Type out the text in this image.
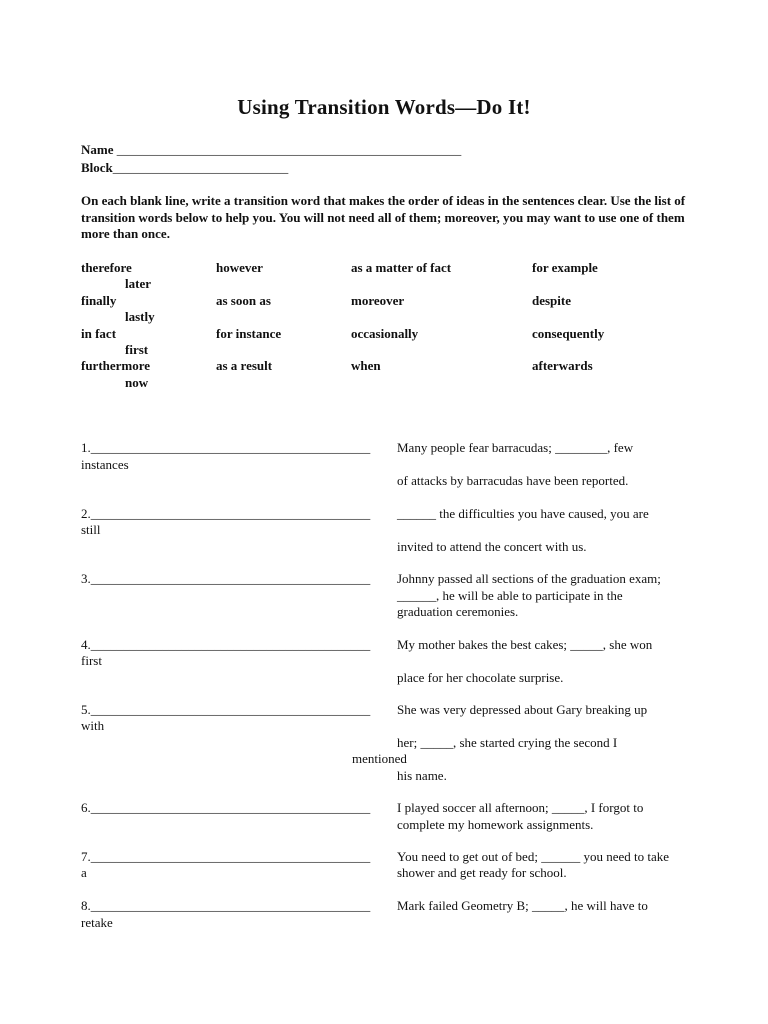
Using Transition Words—Do It!
Name _____________________________________________________
Block___________________________
On each blank line, write a transition word that makes the order of ideas in the sentences clear. Use the list of transition words below to help you. You will not need all of them; moreover, you may want to use one of them more than once.
therefore	however	as a matter of fact	for example
later
finally	as soon as	moreover	despite
lastly
in fact	for instance	occasionally	consequently
first
furthermore	as a result	when	afterwards
now
1.___________________________________________
instances
Many people fear barracudas; ________, few
of attacks by barracudas have been reported.
2.___________________________________________
still
______ the difficulties you have caused, you are
invited to attend the concert with us.
3.___________________________________________ Johnny passed all sections of the graduation exam;
______, he will be able to participate in the
graduation ceremonies.
4.___________________________________________
first
My mother bakes the best cakes; _____, she won
place for her chocolate surprise.
5.___________________________________________
with
She was very depressed about Gary breaking up
her; _____, she started crying the second I
mentioned
his name.
6.___________________________________________ I played soccer all afternoon; _____, I forgot to
complete my homework assignments.
7.___________________________________________
a
You need to get out of bed; ______ you need to take
shower and get ready for school.
8.___________________________________________
retake
Mark failed Geometry B; _____, he will have to
